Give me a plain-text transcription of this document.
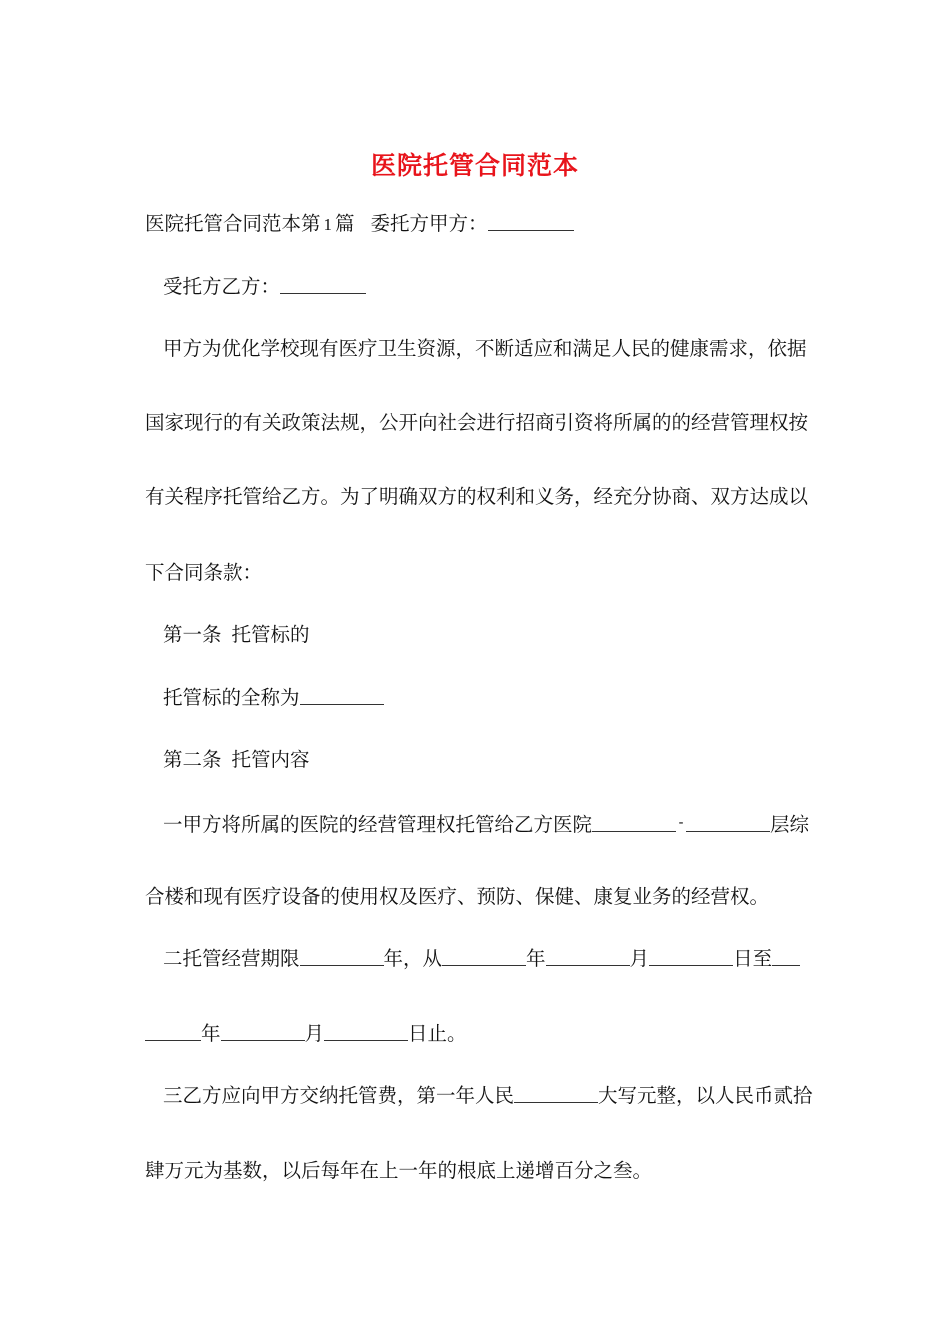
医院托管合同范本
医院托管合同范本第 1 篇 委托方甲方：
受托方乙方：
甲方为优化学校现有医疗卫生资源，不断适应和满足人民的健康需求，依据
国家现行的有关政策法规，公开向社会进行招商引资将所属的的经营管理权按
有关程序托管给乙方。为了明确双方的权利和义务，经充分协商、双方达成以
下合同条款：
第一条 托管标的
托管标的全称为
第二条 托管内容
一甲方将所属的医院的经营管理权托管给乙方医院	-	层综
合楼和现有医疗设备的使用权及医疗、预防、保健、康复业务的经营权。
二托管经营期限	年，从	年	月	日至
年	月	日止。
三乙方应向甲方交纳托管费，第一年人民	大写元整，以人民币贰拾
肆万元为基数，以后每年在上一年的根底上递增百分之叁。
